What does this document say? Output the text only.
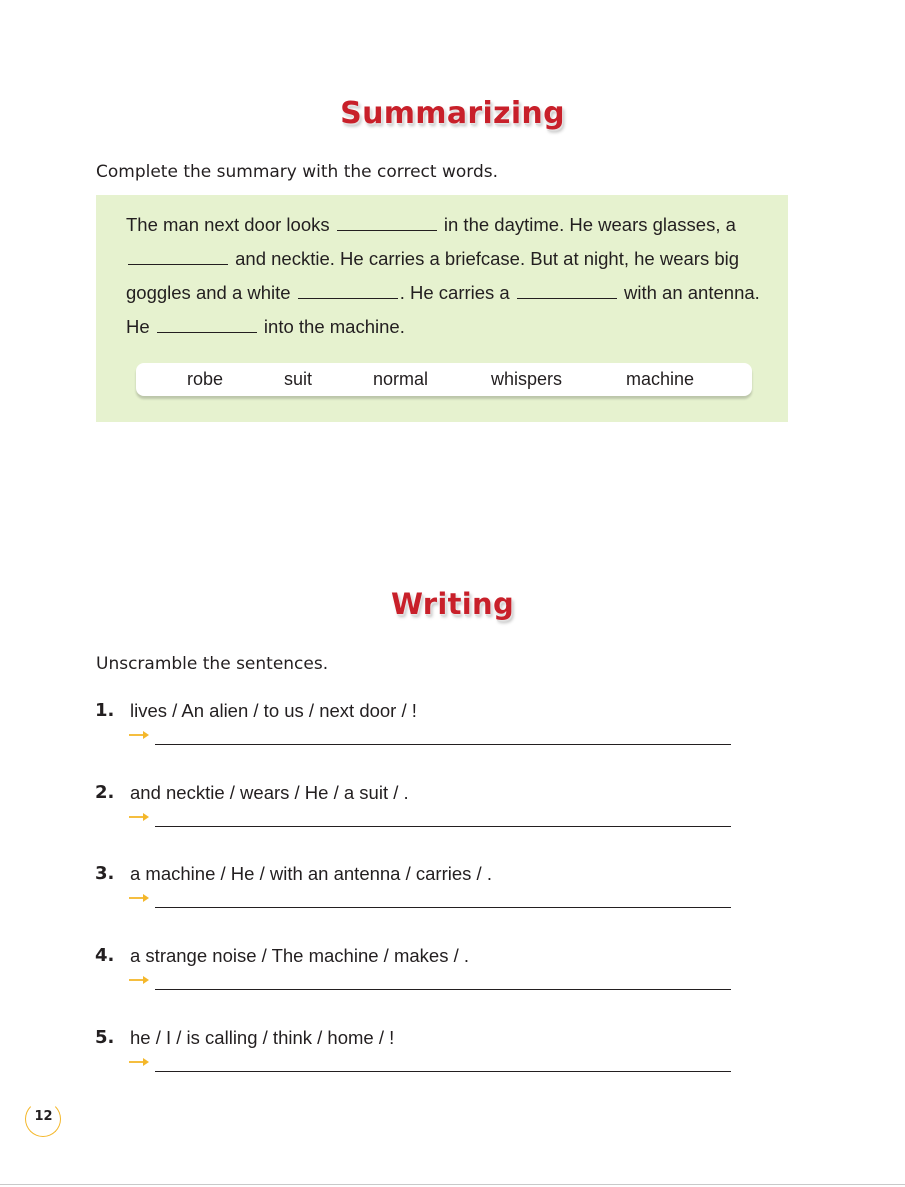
Summarizing

Complete the summary with the correct words.

The man next door looks	in the daytime. He wears glasses, a  and necktie. He carries a briefcase. But at night, he wears big goggles and a white	. He carries a	with an antenna. He	into the machine.

robe	suit	normal	whispers	machine
Writing

Unscramble the sentences.

1. lives / An alien / to us / next door / !
2. and necktie / wears / He / a suit / .
3. a machine / He / with an antenna / carries / .
4. a strange noise / The machine / makes / .
5. he / I / is calling / think / home / !
12
